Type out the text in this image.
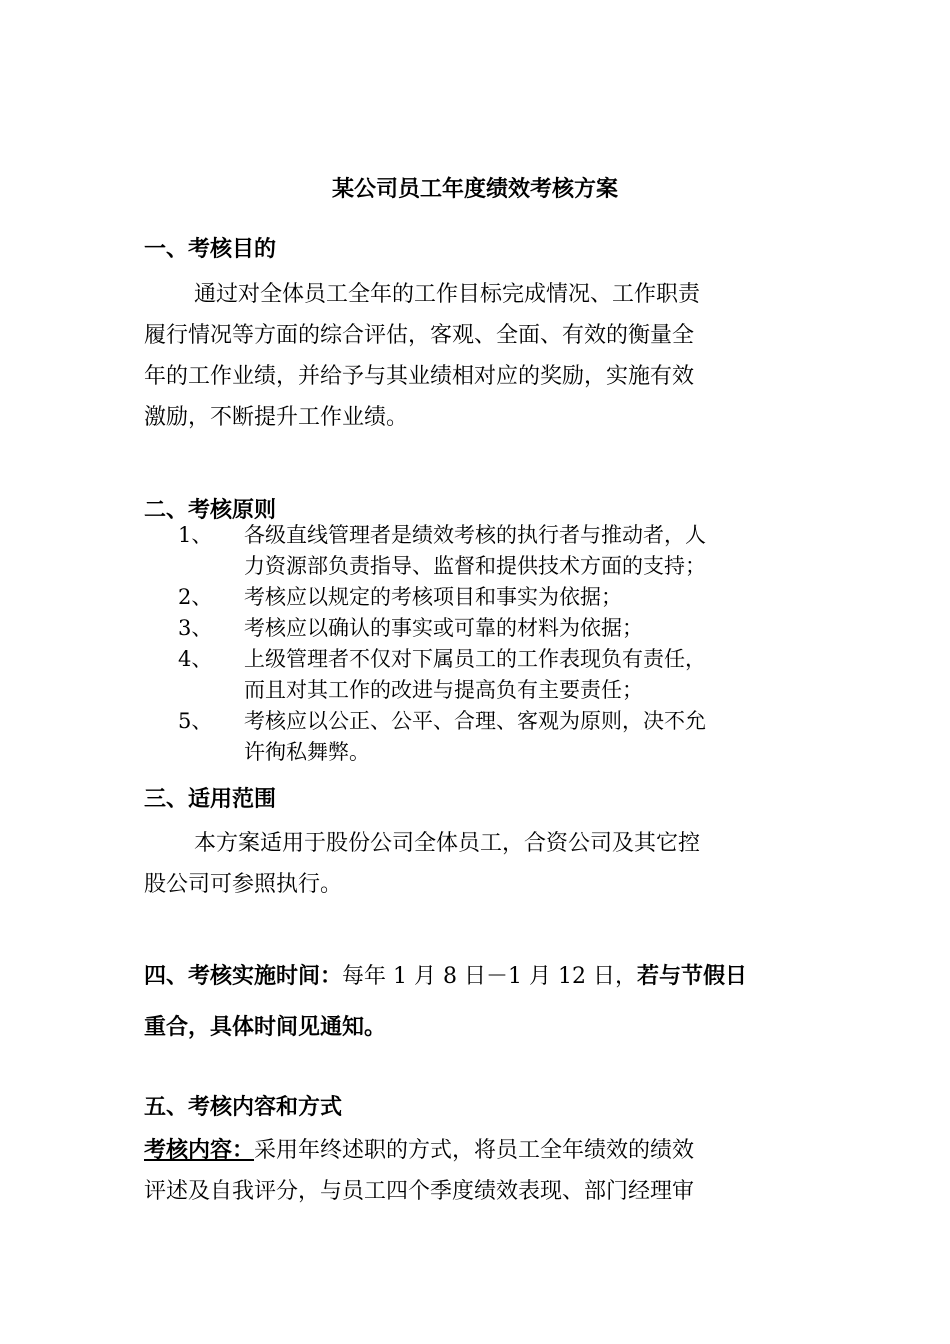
某公司员工年度绩效考核方案
一、考核目的
通过对全体员工全年的工作目标完成情况、工作职责
履行情况等方面的综合评估，客观、全面、有效的衡量全
年的工作业绩，并给予与其业绩相对应的奖励，实施有效
激励，不断提升工作业绩。
二、考核原则
1、	各级直线管理者是绩效考核的执行者与推动者，人
力资源部负责指导、监督和提供技术方面的支持；
2、	考核应以规定的考核项目和事实为依据；
3、	考核应以确认的事实或可靠的材料为依据；
4、	上级管理者不仅对下属员工的工作表现负有责任，
而且对其工作的改进与提高负有主要责任；
5、	考核应以公正、公平、合理、客观为原则，决不允
许徇私舞弊。
三、适用范围
本方案适用于股份公司全体员工，合资公司及其它控
股公司可参照执行。
四、考核实施时间：每年 1 月 8 日－1 月 12 日，若与节假日
重合，具体时间见通知。
五、考核内容和方式
考核内容：采用年终述职的方式，将员工全年绩效的绩效
评述及自我评分，与员工四个季度绩效表现、部门经理审
